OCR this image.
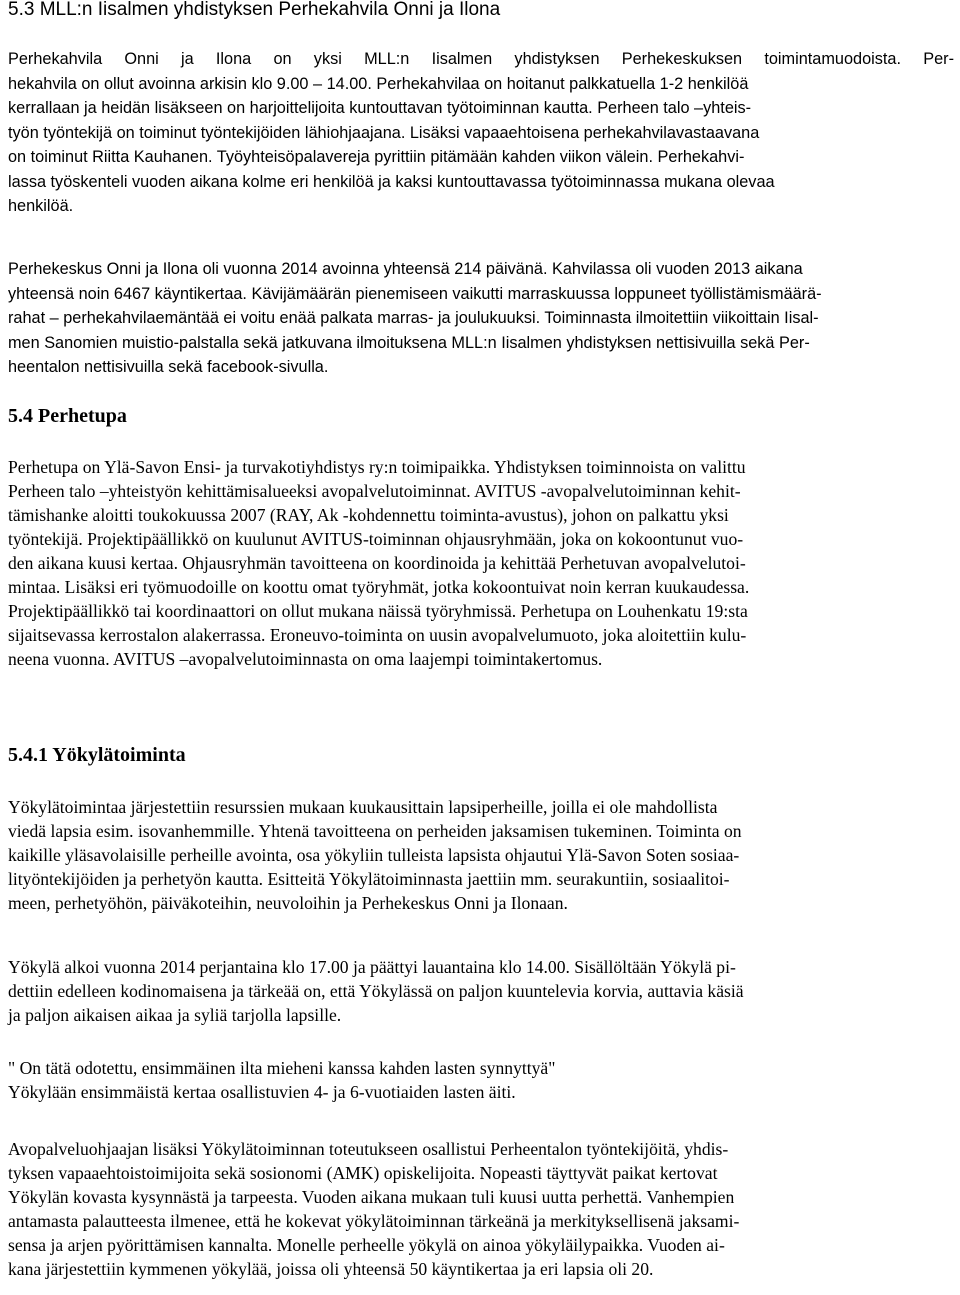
5.3 MLL:n Iisalmen yhdistyksen Perhekahvila Onni ja Ilona

Perhekahvila Onni ja Ilona on yksi MLL:n Iisalmen yhdistyksen Perhekeskuksen toimintamuodoista. Per-
hekahvila on ollut avoinna arkisin klo 9.00 – 14.00. Perhekahvilaa on hoitanut palkkatuella 1-2 henkilöä
kerrallaan ja heidän lisäkseen on harjoittelijoita kuntouttavan työtoiminnan kautta. Perheen talo –yhteis-
työn työntekijä on toiminut työntekijöiden lähiohjaajana. Lisäksi vapaaehtoisena perhekahvilavastaavana
on toiminut Riitta Kauhanen. Työyhteisöpalavereja pyrittiin pitämään kahden viikon välein. Perhekahvi-
lassa työskenteli vuoden aikana kolme eri henkilöä ja kaksi kuntouttavassa työtoiminnassa mukana olevaa
henkilöä.

Perhekeskus Onni ja Ilona oli vuonna 2014 avoinna yhteensä 214 päivänä. Kahvilassa oli vuoden 2013 aikana
yhteensä noin 6467 käyntikertaa. Kävijämäärän pienemiseen vaikutti marraskuussa loppuneet työllistämismäärä-
rahat – perhekahvilaemäntää ei voitu enää palkata marras- ja joulukuuksi. Toiminnasta ilmoitettiin viikoittain Iisal-
men Sanomien muistio-palstalla sekä jatkuvana ilmoituksena MLL:n Iisalmen yhdistyksen nettisivuilla sekä Per-
heentalon nettisivuilla sekä facebook-sivulla.

5.4 Perhetupa

Perhetupa on Ylä-Savon Ensi- ja turvakotiyhdistys ry:n toimipaikka. Yhdistyksen toiminnoista on valittu
Perheen talo –yhteistyön kehittämisalueeksi avopalvelutoiminnat. AVITUS -avopalvelutoiminnan kehit-
tämishanke aloitti toukokuussa 2007 (RAY, Ak -kohdennettu toiminta-avustus), johon on palkattu yksi
työntekijä. Projektipäällikkö on kuulunut AVITUS-toiminnan ohjausryhmään, joka on kokoontunut vuo-
den aikana kuusi kertaa. Ohjausryhmän tavoitteena on koordinoida ja kehittää Perhetuvan avopalvelutoi-
mintaa. Lisäksi eri työmuodoille on koottu omat työryhmät, jotka kokoontuivat noin kerran kuukaudessa.
Projektipäällikkö tai koordinaattori on ollut mukana näissä työryhmissä. Perhetupa on Louhenkatu 19:sta
sijaitsevassa kerrostalon alakerrassa. Eroneuvo-toiminta on uusin avopalvelumuoto, joka aloitettiin kulu-
neena vuonna. AVITUS –avopalvelutoiminnasta on oma laajempi toimintakertomus.

5.4.1 Yökylätoiminta

Yökylätoimintaa järjestettiin resurssien mukaan kuukausittain lapsiperheille, joilla ei ole mahdollista
viedä lapsia esim. isovanhemmille. Yhtenä tavoitteena on perheiden jaksamisen tukeminen. Toiminta on
kaikille yläsavolaisille perheille avointa, osa yökyliin tulleista lapsista ohjautui Ylä-Savon Soten sosiaa-
lityöntekijöiden ja perhetyön kautta. Esitteitä Yökylätoiminnasta jaettiin mm. seurakuntiin, sosiaalitoi-
meen, perhetyöhön, päiväkoteihin, neuvoloihin ja Perhekeskus Onni ja Ilonaan.

Yökylä alkoi vuonna 2014 perjantaina klo 17.00 ja päättyi lauantaina klo 14.00. Sisällöltään Yökylä pi-
dettiin edelleen kodinomaisena ja tärkeää on, että Yökylässä on paljon kuuntelevia korvia, auttavia käsiä
ja paljon aikaisen aikaa ja syliä tarjolla lapsille.

" On tätä odotettu, ensimmäinen ilta mieheni kanssa kahden lasten synnyttyä"
Yökylään ensimmäistä kertaa osallistuvien 4- ja 6-vuotiaiden lasten äiti.

Avopalveluohjaajan lisäksi Yökylätoiminnan toteutukseen osallistui Perheentalon työntekijöitä, yhdis-
tyksen vapaaehtoistoimijoita sekä sosionomi (AMK) opiskelijoita. Nopeasti täyttyvät paikat kertovat
Yökylän kovasta kysynnästä ja tarpeesta. Vuoden aikana mukaan tuli kuusi uutta perhettä. Vanhempien
antamasta palautteesta ilmenee, että he kokevat yökylätoiminnan tärkeänä ja merkityksellisenä jaksami-
sensa ja arjen pyörittämisen kannalta. Monelle perheelle yökylä on ainoa yökyläilypaikka. Vuoden ai-
kana järjestettiin kymmenen yökylää, joissa oli yhteensä 50 käyntikertaa ja eri lapsia oli 20.
